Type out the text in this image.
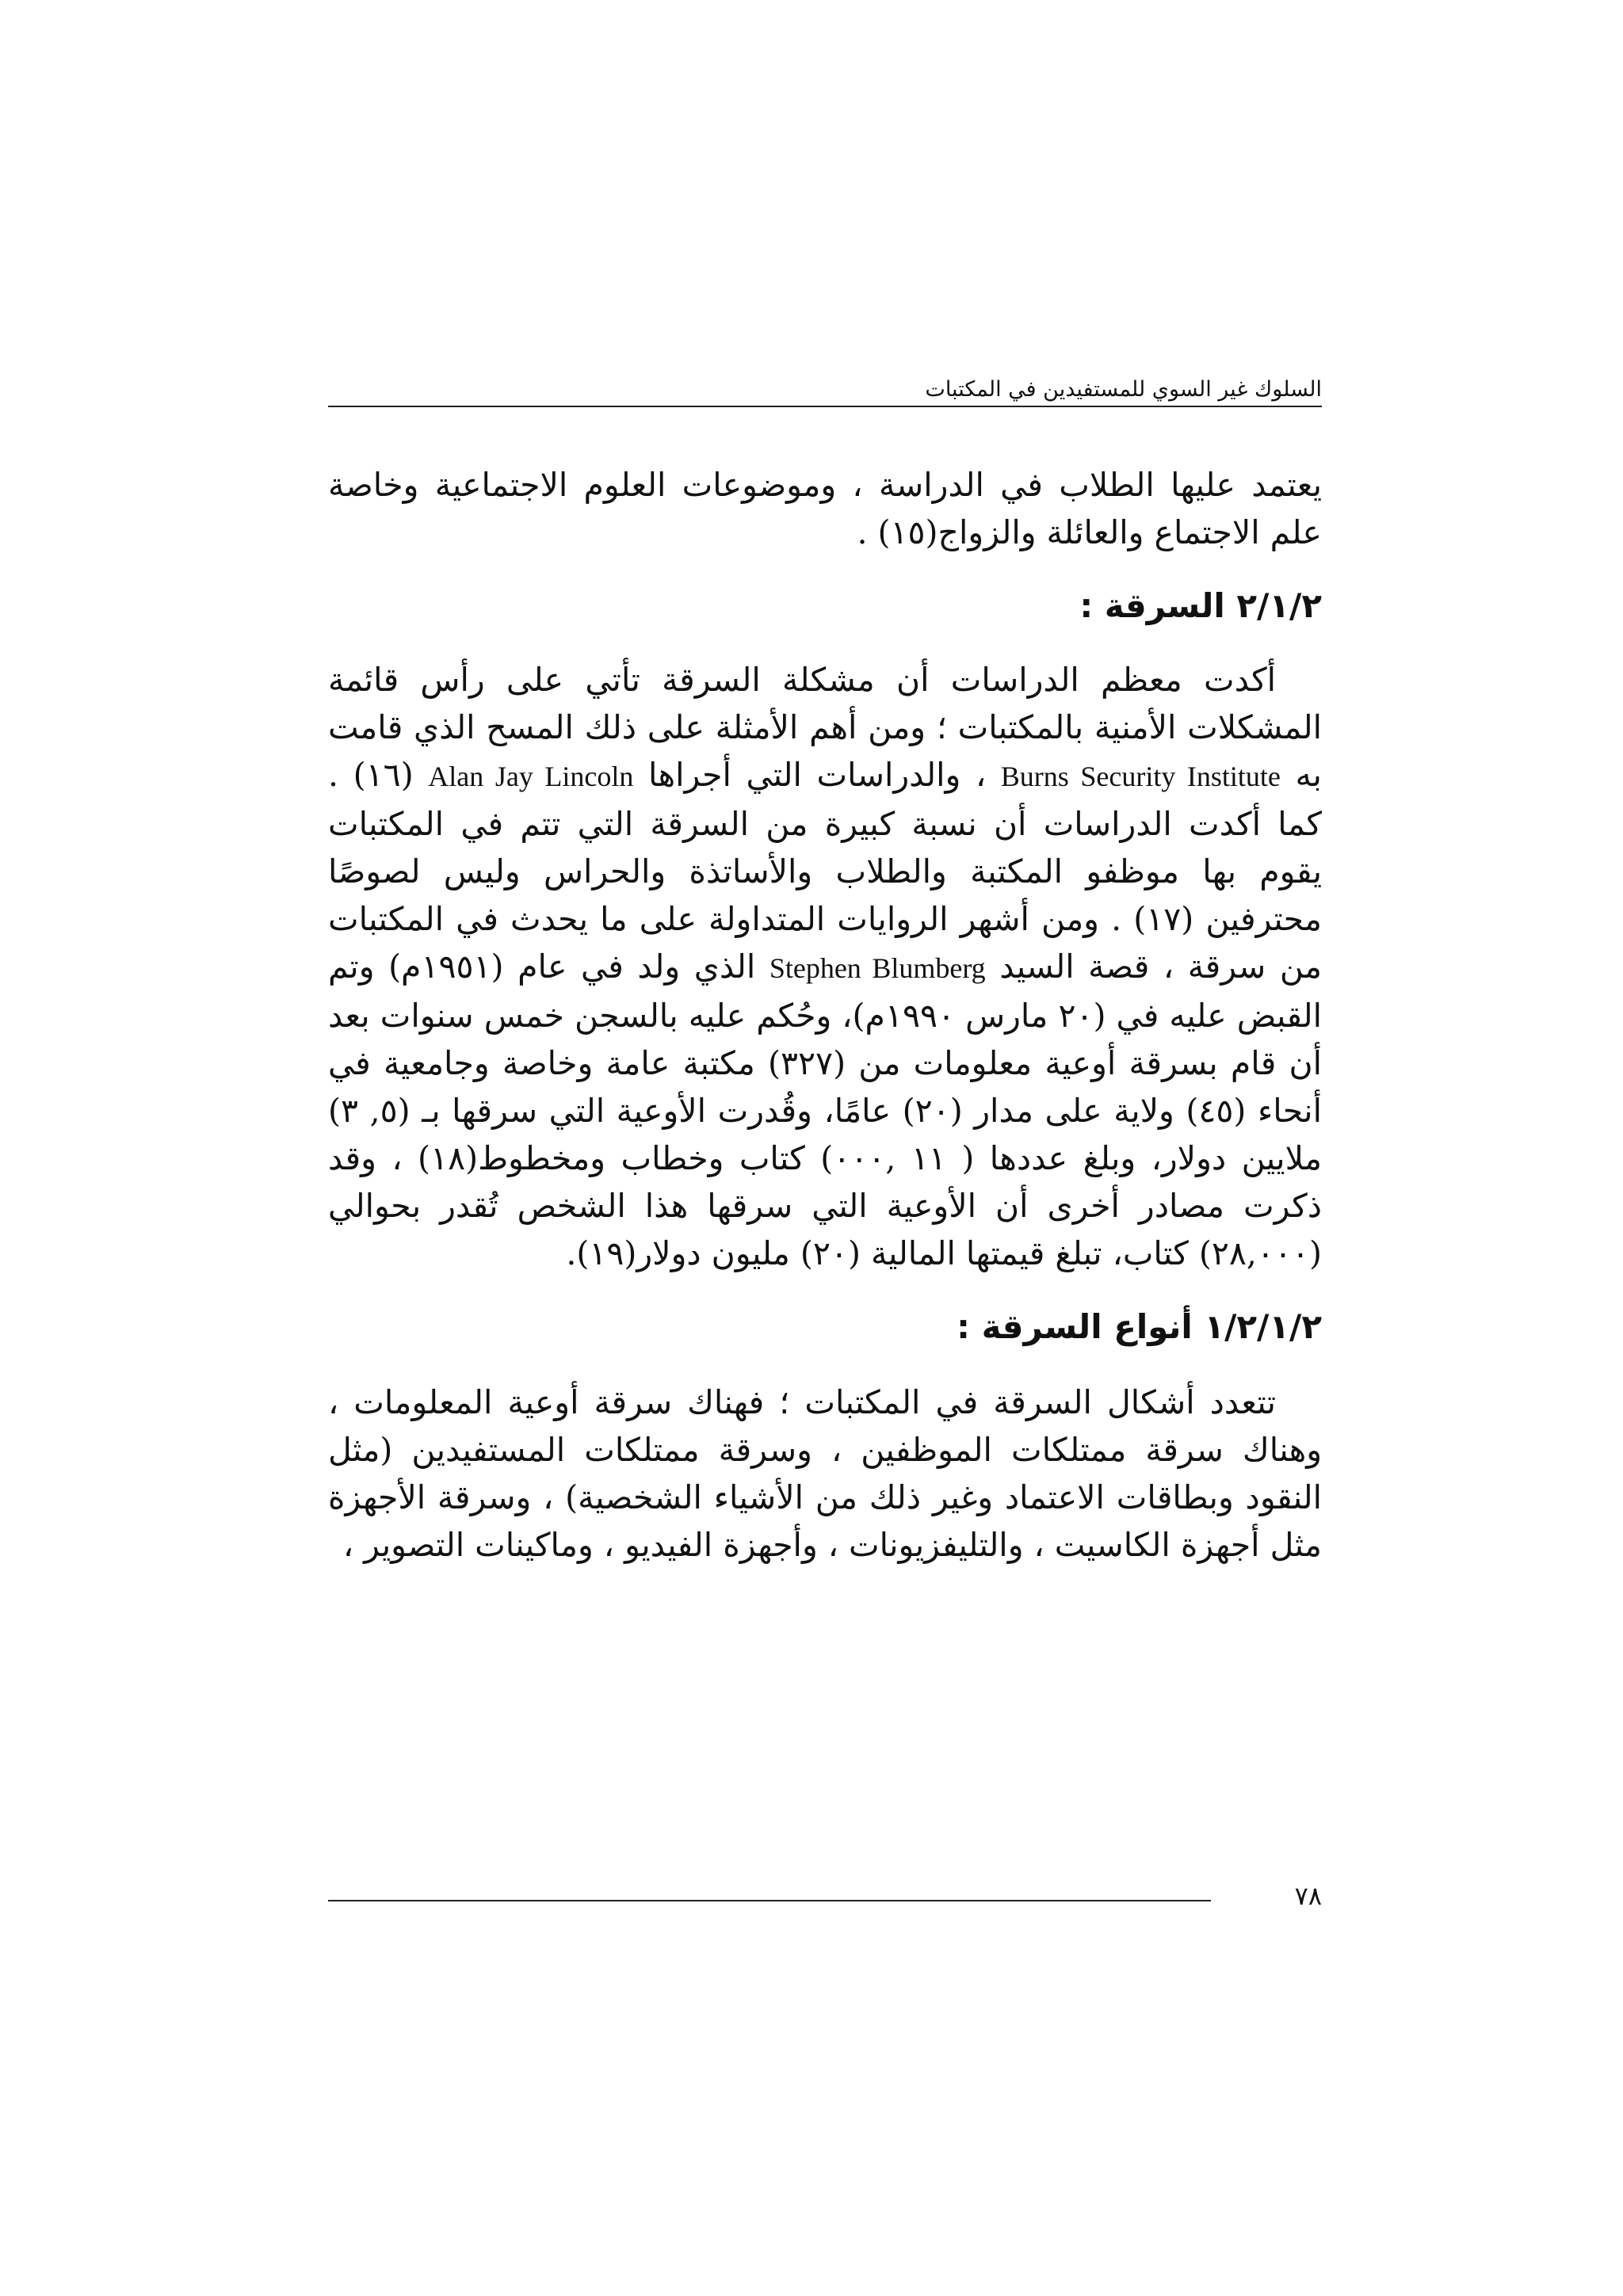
السلوك غير السوي للمستفيدين في المكتبات

يعتمد عليها الطلاب في الدراسة ، وموضوعات العلوم الاجتماعية وخاصة علم الاجتماع والعائلة والزواج(١٥) .

٢/١/٢ السرقة :

أكدت معظم الدراسات أن مشكلة السرقة تأتي على رأس قائمة المشكلات الأمنية بالمكتبات ؛ ومن أهم الأمثلة على ذلك المسح الذي قامت به Burns Security Institute ، والدراسات التي أجراها Alan Jay Lincoln (١٦) . كما أكدت الدراسات أن نسبة كبيرة من السرقة التي تتم في المكتبات يقوم بها موظفو المكتبة والطلاب والأساتذة والحراس وليس لصوصًا محترفين (١٧) . ومن أشهر الروايات المتداولة على ما يحدث في المكتبات من سرقة ، قصة السيد Stephen Blumberg الذي ولد في عام (١٩٥١م) وتم القبض عليه في (٢٠ مارس ١٩٩٠م)، وحُكم عليه بالسجن خمس سنوات بعد أن قام بسرقة أوعية معلومات من (٣٢٧) مكتبة عامة وخاصة وجامعية في أنحاء (٤٥) ولاية على مدار (٢٠) عامًا، وقُدرت الأوعية التي سرقها بـ (٥, ٣) ملايين دولار، وبلغ عددها ( ١١ ,٠٠٠) كتاب وخطاب ومخطوط(١٨) ، وقد ذكرت مصادر أخرى أن الأوعية التي سرقها هذا الشخص تُقدر بحوالي (٢٨,٠٠٠) كتاب، تبلغ قيمتها المالية (٢٠) مليون دولار(١٩).

١/٢/١/٢ أنواع السرقة :

تتعدد أشكال السرقة في المكتبات ؛ فهناك سرقة أوعية المعلومات ، وهناك سرقة ممتلكات الموظفين ، وسرقة ممتلكات المستفيدين (مثل النقود وبطاقات الاعتماد وغير ذلك من الأشياء الشخصية) ، وسرقة الأجهزة مثل أجهزة الكاسيت ، والتليفزيونات ، وأجهزة الفيديو ، وماكينات التصوير ،

٧٨
